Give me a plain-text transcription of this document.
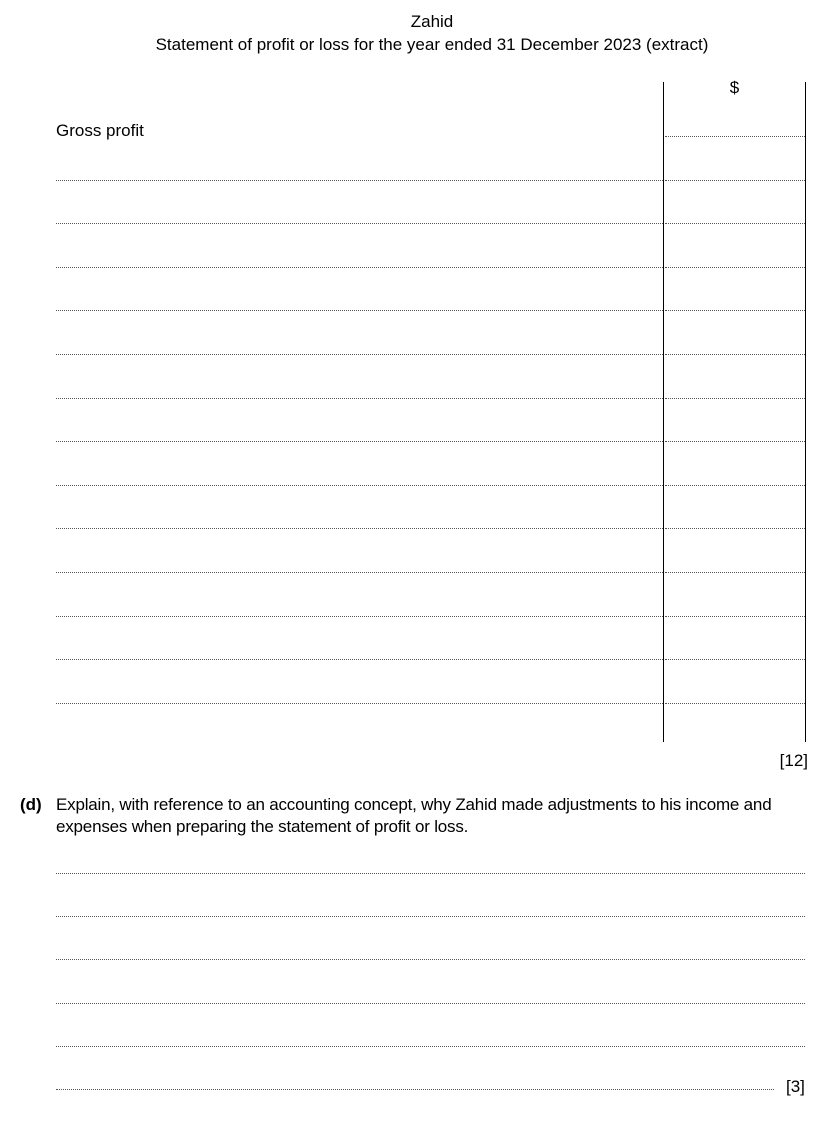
Zahid
Statement of profit or loss for the year ended 31 December 2023 (extract)
$
Gross profit
[12]
(d) Explain, with reference to an accounting concept, why Zahid made adjustments to his income and expenses when preparing the statement of profit or loss.
[3]
